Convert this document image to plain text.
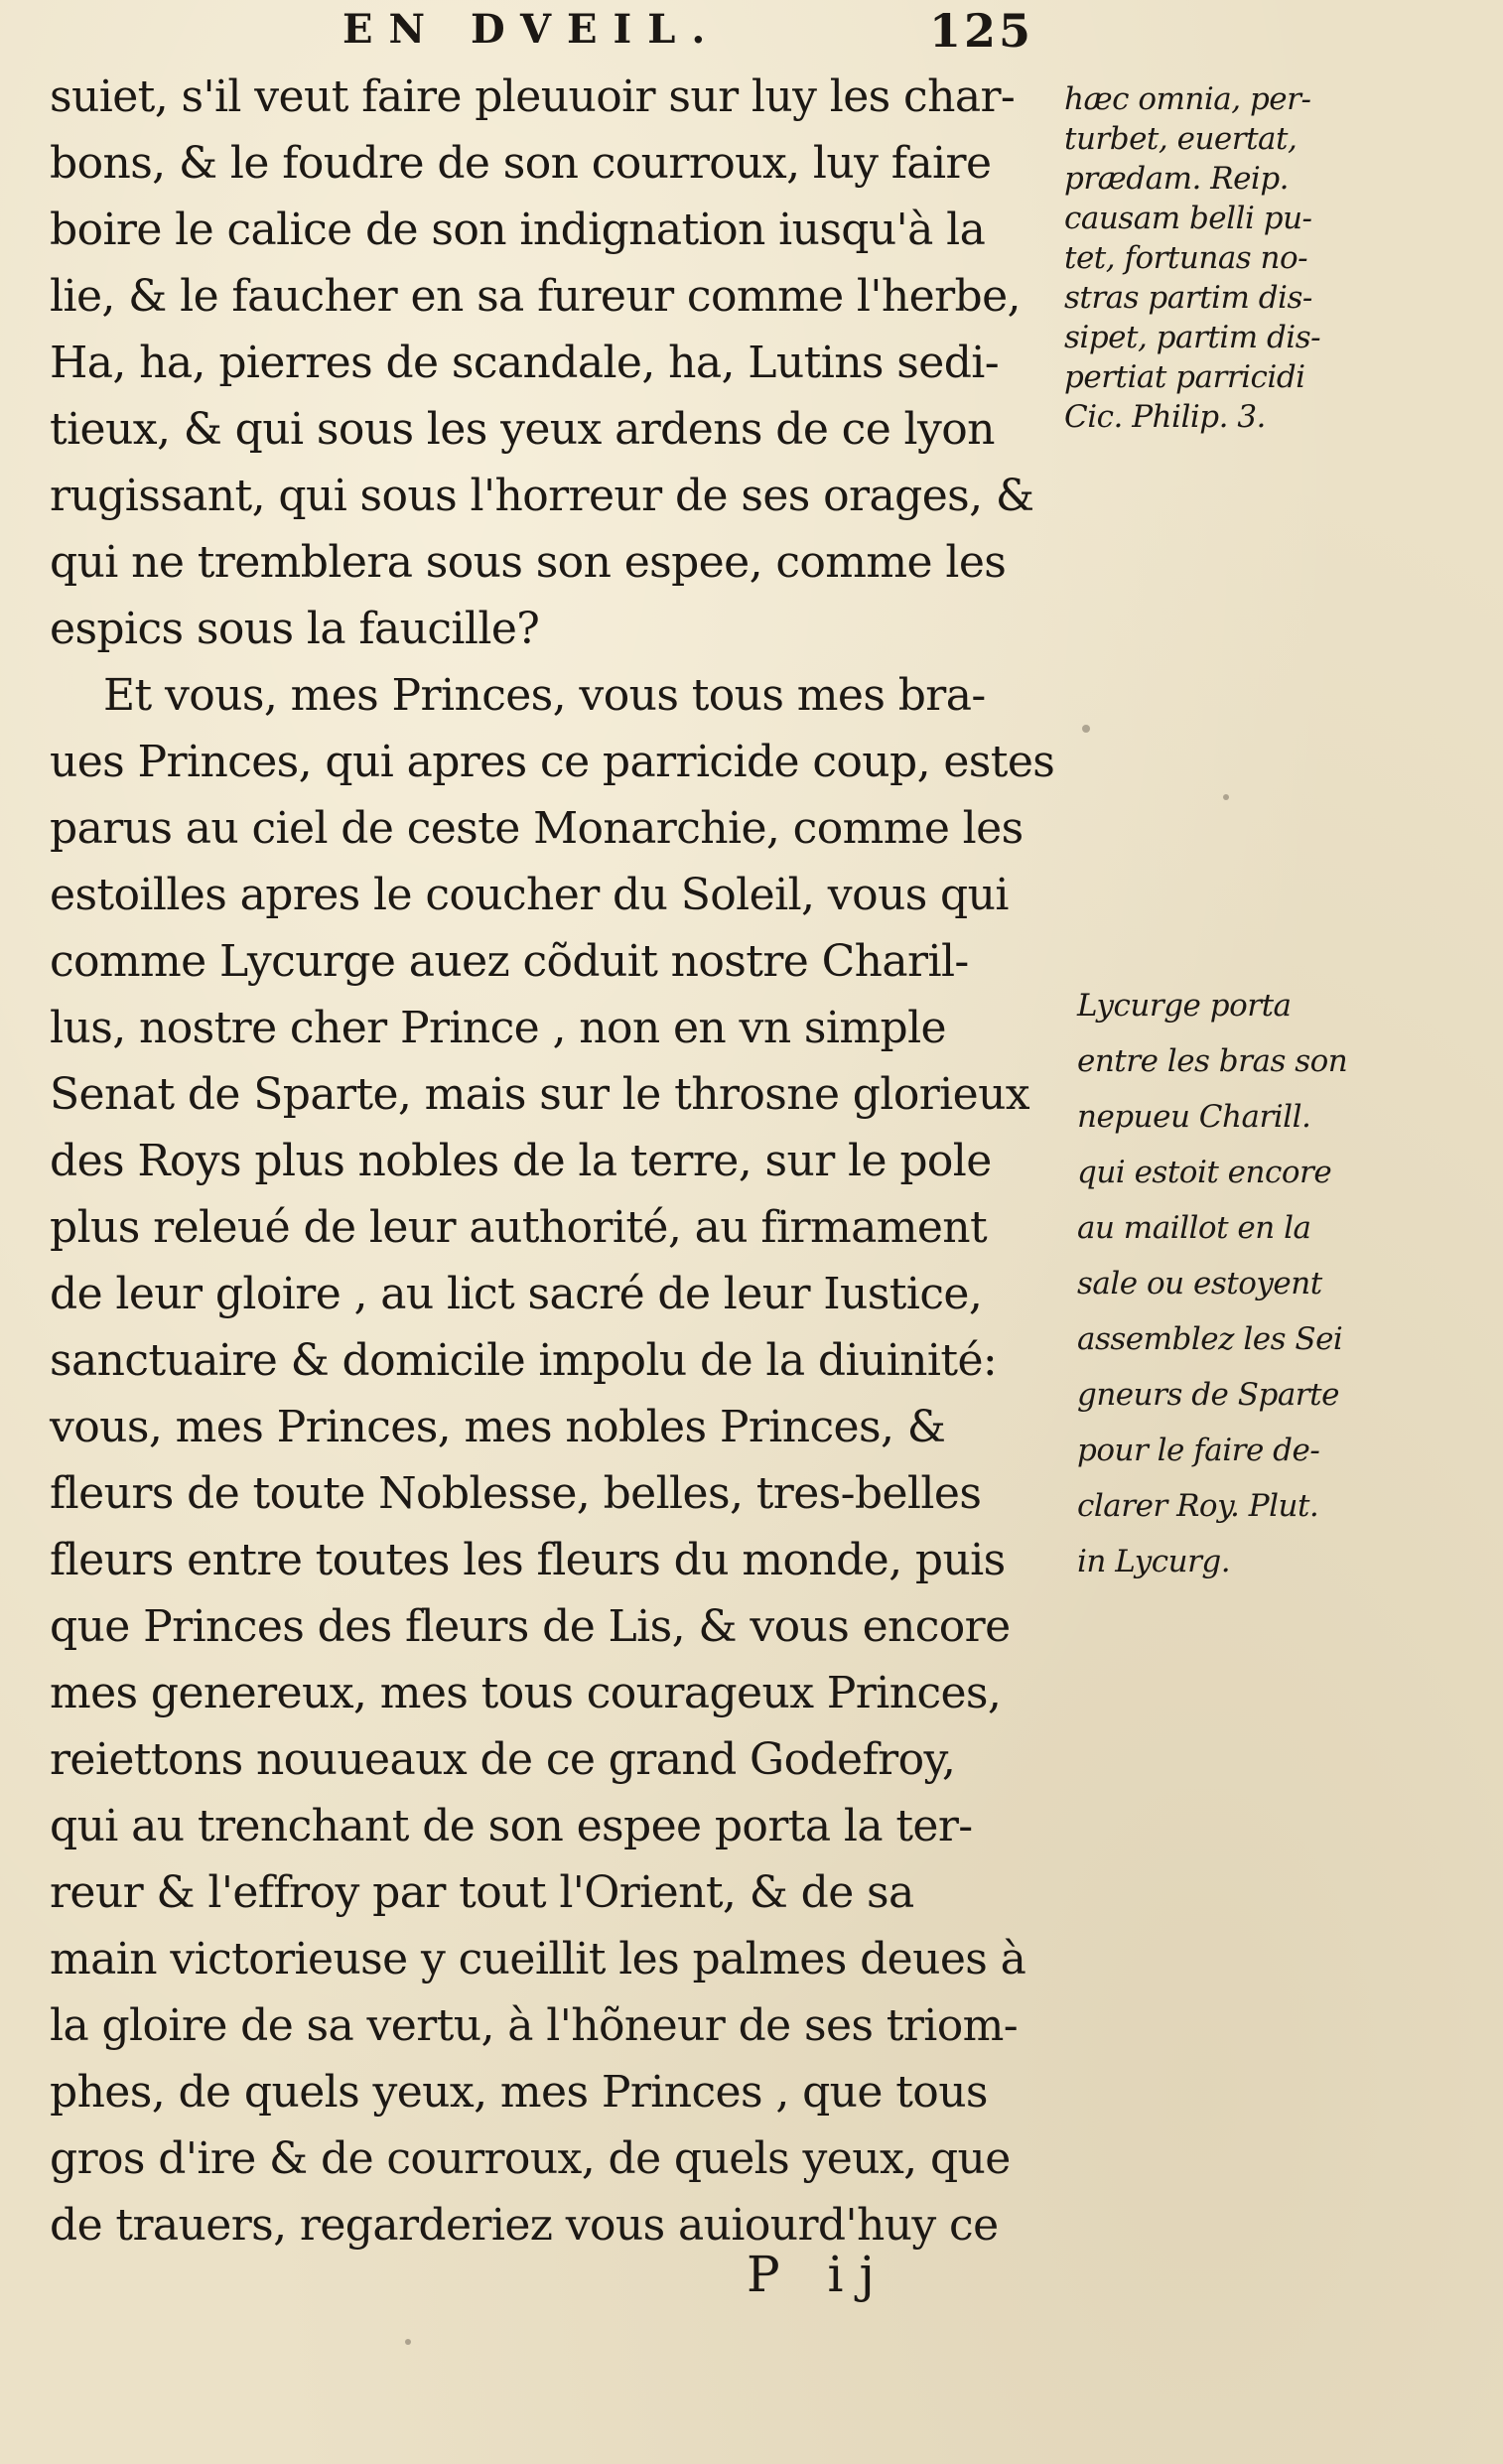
EN DVEIL.	125
suiet, s'il veut faire pleuuoir sur luy les char-
bons, & le foudre de son courroux, luy faire
boire le calice de son indignation iusqu'à la
lie, & le faucher en sa fureur comme l'herbe,
Ha, ha, pierres de scandale, ha, Lutins sedi-
tieux, & qui sous les yeux ardens de ce lyon
rugissant, qui sous l'horreur de ses orages, &
qui ne tremblera sous son espee, comme les
espics sous la faucille?
Et vous, mes Princes, vous tous mes bra-
ues Princes, qui apres ce parricide coup, estes
parus au ciel de ceste Monarchie, comme les
estoilles apres le coucher du Soleil, vous qui
comme Lycurge auez cõduit nostre Charil-
lus, nostre cher Prince , non en vn simple
Senat de Sparte, mais sur le throsne glorieux
des Roys plus nobles de la terre, sur le pole
plus releué de leur authorité, au firmament
de leur gloire , au lict sacré de leur Iustice,
sanctuaire & domicile impolu de la diuinité:
vous, mes Princes, mes nobles Princes, &
fleurs de toute Noblesse, belles, tres-belles
fleurs entre toutes les fleurs du monde, puis
que Princes des fleurs de Lis, & vous encore
mes genereux, mes tous courageux Princes,
reiettons nouueaux de ce grand Godefroy,
qui au trenchant de son espee porta la ter-
reur & l'effroy par tout l'Orient, & de sa
main victorieuse y cueillit les palmes deues à
la gloire de sa vertu, à l'hõneur de ses triom-
phes, de quels yeux, mes Princes , que tous
gros d'ire & de courroux, de quels yeux, que
de trauers, regarderiez vous auiourd'huy ce
hæc omnia, per-
turbet, euertat,
prædam. Reip.
causam belli pu-
tet, fortunas no-
stras partim dis-
sipet, partim dis-
pertiat parricidi
Cic. Philip. 3.
Lycurge porta
entre les bras son
nepueu Charill.
qui estoit encore
au maillot en la
sale ou estoyent
assemblez les Sei
gneurs de Sparte
pour le faire de-
clarer Roy. Plut.
in Lycurg.
P ij
